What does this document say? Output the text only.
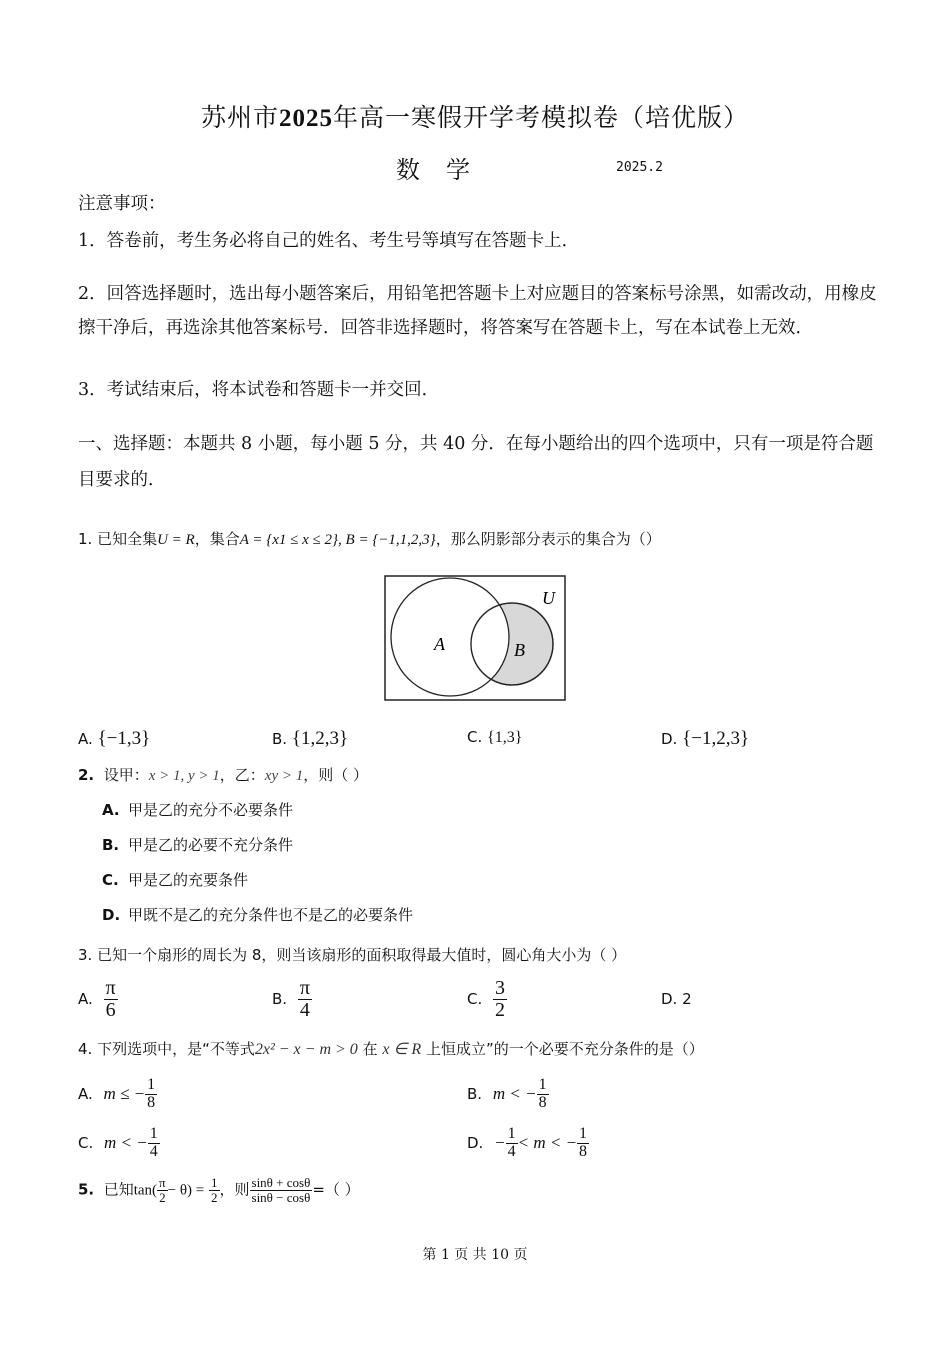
苏州市2025年高一寒假开学考模拟卷（培优版）
数学	2025.2
注意事项：
1．答卷前，考生务必将自己的姓名、考生号等填写在答题卡上．
2．回答选择题时，选出每小题答案后，用铅笔把答题卡上对应题目的答案标号涂黑，如需改动，用橡皮擦干净后，再选涂其他答案标号．回答非选择题时，将答案写在答题卡上，写在本试卷上无效．
3．考试结束后，将本试卷和答题卡一并交回．
一、选择题：本题共 8 小题，每小题 5 分，共 40 分．在每小题给出的四个选项中，只有一项是符合题目要求的．
1. 已知全集U = R，集合A = {x1 ≤ x ≤ 2}, B = {−1,1,2,3}，那么阴影部分表示的集合为（）
A	B
U
A. {−1,3}	B. {1,2,3}	C. {1,3}	D. {−1,2,3}
2. 设甲：x > 1, y > 1，乙：xy > 1，则（ ）
A. 甲是乙的充分不必要条件
B. 甲是乙的必要不充分条件
C. 甲是乙的充要条件
D. 甲既不是乙的充分条件也不是乙的必要条件
3. 已知一个扇形的周长为 8，则当该扇形的面积取得最大值时，圆心角大小为（ ）
A. $\frac{\pi}{6}$	B. $\frac{\pi}{4}$	C. $\frac{3}{2}$	D. 2
4. 下列选项中，是“不等式2x² − x − m > 0 在 x ∈ R 上恒成立”的一个必要不充分条件的是（）
A. m ≤ − $\frac{1}{8}$	B. m < − $\frac{1}{8}$
C. m < − $\frac{1}{4}$	D. − $\frac{1}{4} < m$ < − $\frac{1}{8}$
5. 已知$\tan( \frac{\pi}{2} - \theta) = \frac{1}{2}$ ，则 $\frac{\sin\theta + \cos\theta}{\sin\theta - \cos\theta}$ =（ ）
第 1 页 共 10 页
